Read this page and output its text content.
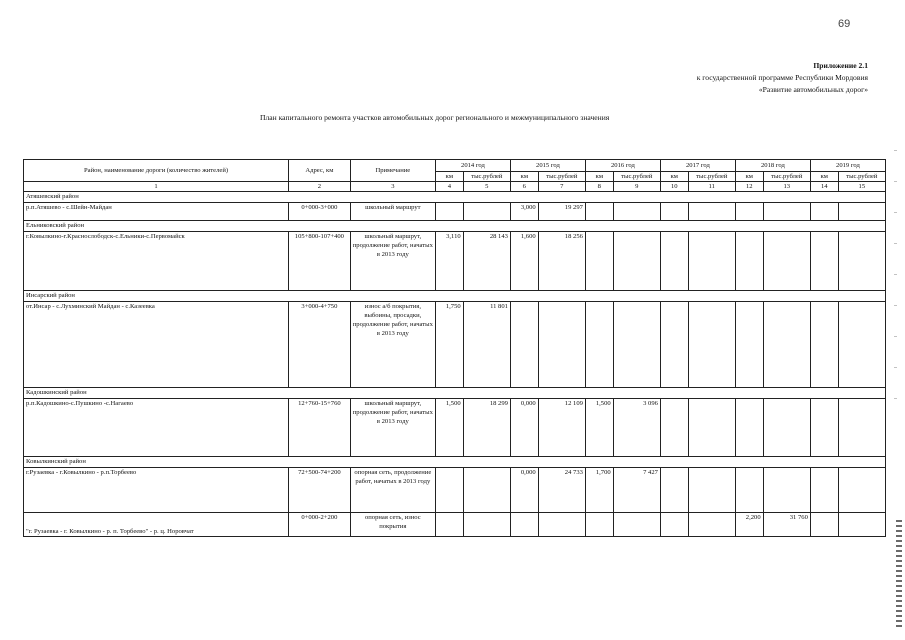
69
Приложение 2.1
к государственной программе Республики Мордовия
«Развитие автомобильных дорог»
План капитального ремонта участков автомобильных дорог регионального и межмуниципального значения
Район, наименование дороги (количество жителей)	Адрес, км	Примечание	2014 год		2015 год		2016 год		2017 год		2018 год		2019 год	
			км	тыс.рублей	км	тыс.рублей	км	тыс.рублей	км	тыс.рублей	км	тыс.рублей	км	тыс.рублей
1	2	3	4	5	6	7	8	9	10	11	12	13	14	15
Атяшевский район														
р.п.Атяшево - с.Шейн-Майдан	0+000-3+000	школьный маршрут			3,000	19 297								
Ельниковский район														
г.Ковылкино-г.Краснослободск-с.Ельники-с.Первомайск	105+800-107+400	школьный маршрут, продолжение работ, начатых в 2013 году	3,110	28 143	1,600	18 256								
Инсарский район														
от.Инсар - с.Лухминский Майдан - с.Казеевка	3+000-4+750	износ а/б покрытия, выбоины, просадки, продолжение работ, начатых в 2013 году	1,750	11 801										
Кадошкинский район														
р.п.Кадошкино-с.Пушкино -с.Нагаево	12+760-15+760	школьный маршрут, продолжение работ, начатых в 2013 году	1,500	18 299	0,000	12 109	1,500	3 096						
Ковылкинский район														
г.Рузаевка - г.Ковылкино - р.п.Торбеево	72+500-74+200	опорная сеть, продолжение работ, начатых в 2013 году			0,000	24 733	1,700	7 427						
"г. Рузаевка - г. Ковылкино - р. п. Торбеево" - р. ц. Норовчат	0+000-2+200	опорная сеть, износ покрытия									2,200	31 760		
